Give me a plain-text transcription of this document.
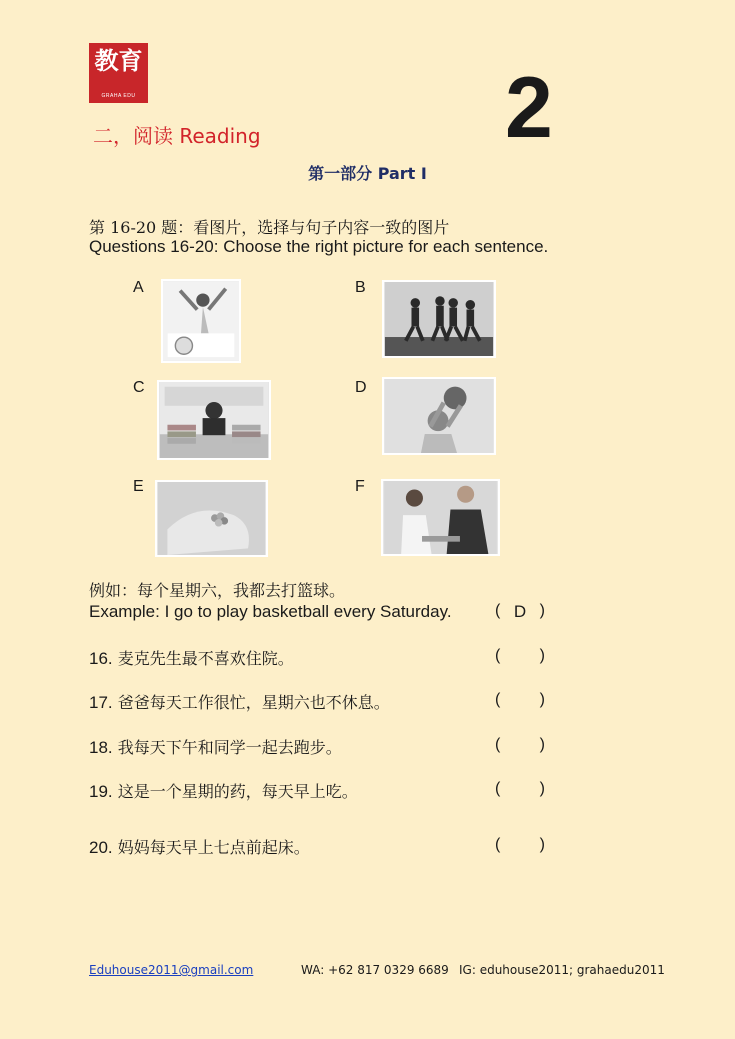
教育
GRAHA EDU
二，阅读 Reading	2
第一部分 Part I
第 16-20 题：看图片，选择与句子内容一致的图片
Questions 16-20: Choose the right picture for each sentence.
A	B
C	D
E	F
例如：每个星期六，我都去打篮球。
Example: I go to play basketball every Saturday.	( D )
16. 麦克先生最不喜欢住院。	( )
17. 爸爸每天工作很忙，星期六也不休息。	( )
18. 我每天下午和同学一起去跑步。	( )
19. 这是一个星期的药，每天早上吃。	( )
20. 妈妈每天早上七点前起床。	( )
Eduhouse2011@gmail.com	WA: +62 817 0329 6689 IG: eduhouse2011; grahaedu2011
